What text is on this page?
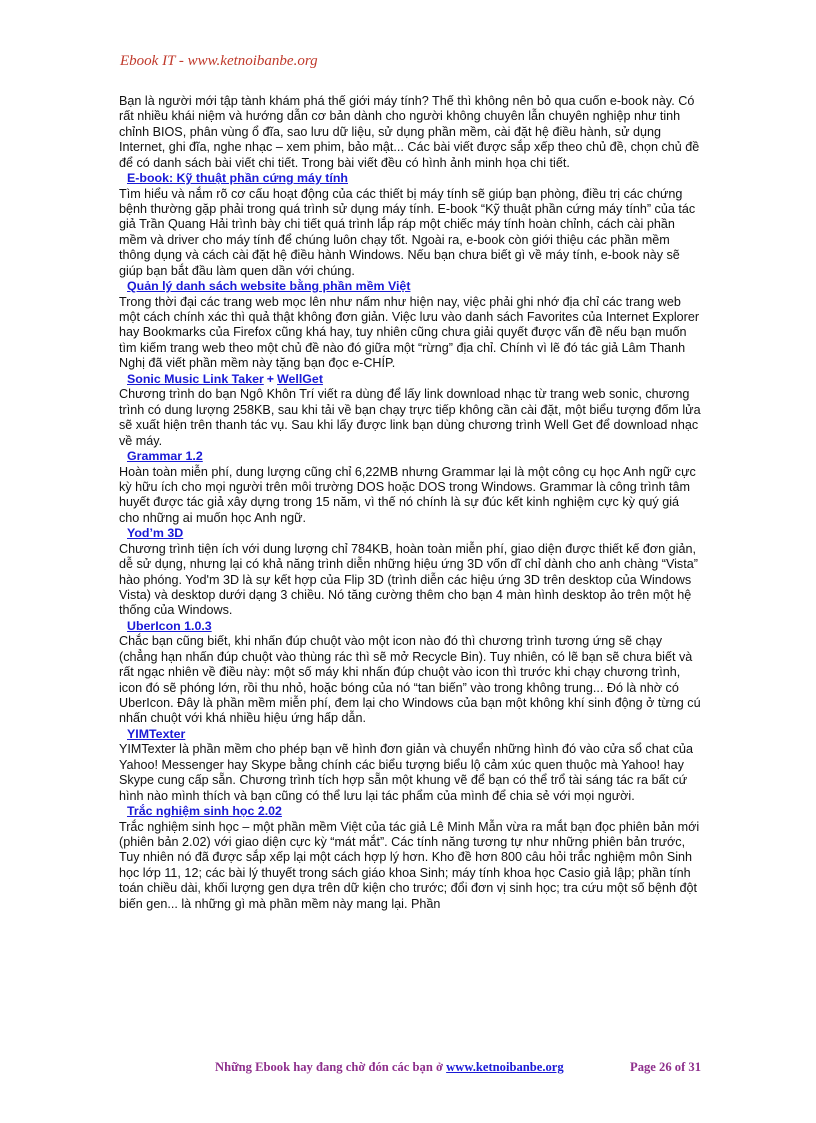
Ebook IT - www.ketnoibanbe.org

Bạn là người mới tập tành khám phá thế giới máy tính? Thế thì không nên bỏ qua cuốn e-book này. Có rất nhiều khái niệm và hướng dẫn cơ bản dành cho người không chuyên lẫn chuyên nghiệp như tinh chỉnh BIOS, phân vùng ổ đĩa, sao lưu dữ liệu, sử dụng phần mềm, cài đặt hệ điều hành, sử dụng Internet, ghi đĩa, nghe nhạc – xem phim, bảo mật... Các bài viết được sắp xếp theo chủ đề, chọn chủ đề để có danh sách bài viết chi tiết. Trong bài viết đều có hình ảnh minh họa chi tiết.

E-book: Kỹ thuật phần cứng máy tính

Tìm hiểu và nắm rõ cơ cấu hoạt động của các thiết bị máy tính sẽ giúp bạn phòng, điều trị các chứng bệnh thường gặp phải trong quá trình sử dụng máy tính. E-book “Kỹ thuật phần cứng máy tính” của tác giả Trần Quang Hải trình bày chi tiết quá trình lắp ráp một chiếc máy tính hoàn chỉnh, cách cài phần mềm và driver cho máy tính để chúng luôn chạy tốt. Ngoài ra, e-book còn giới thiệu các phần mềm thông dụng và cách cài đặt hệ điều hành Windows. Nếu bạn chưa biết gì về máy tính, e-book này sẽ giúp bạn bắt đầu làm quen dần với chúng.

Quản lý danh sách website bằng phần mềm Việt

Trong thời đại các trang web mọc lên như nấm như hiện nay, việc phải ghi nhớ địa chỉ các trang web một cách chính xác thì quả thật không đơn giản. Việc lưu vào danh sách Favorites của Internet Explorer hay Bookmarks của Firefox cũng khá hay, tuy nhiên cũng chưa giải quyết được vấn đề nếu bạn muốn tìm kiếm trang web theo một chủ đề nào đó giữa một “rừng” địa chỉ. Chính vì lẽ đó tác giả Lâm Thanh Nghị đã viết phần mềm này tặng bạn đọc e-CHÍP.

Sonic Music Link Taker + WellGet

Chương trình do bạn Ngô Khôn Trí viết ra dùng để lấy link download nhạc từ trang web sonic, chương trình có dung lượng 258KB, sau khi tải về bạn chạy trực tiếp không cần cài đặt, một biểu tượng đốm lửa sẽ xuất hiện trên thanh tác vụ. Sau khi lấy được link bạn dùng chương trình Well Get để download nhạc về máy.

Grammar 1.2

Hoàn toàn miễn phí, dung lượng cũng chỉ 6,22MB nhưng Grammar lại là một công cụ học Anh ngữ cực kỳ hữu ích cho mọi người trên môi trường DOS hoặc DOS trong Windows. Grammar là công trình tâm huyết được tác giả xây dựng trong 15 năm, vì thế nó chính là sự đúc kết kinh nghiệm cực kỳ quý giá cho những ai muốn học Anh ngữ.

Yod’m 3D

Chương trình tiện ích với dung lượng chỉ 784KB, hoàn toàn miễn phí, giao diện được thiết kế đơn giản, dễ sử dụng, nhưng lại có khả năng trình diễn những hiệu ứng 3D vốn dĩ chỉ dành cho anh chàng “Vista” hào phóng. Yod'm 3D là sự kết hợp của Flip 3D (trình diễn các hiệu ứng 3D trên desktop của Windows Vista) và desktop dưới dạng 3 chiều. Nó tăng cường thêm cho bạn 4 màn hình desktop ảo trên một hệ thống của Windows.

UberIcon 1.0.3

Chắc bạn cũng biết, khi nhấn đúp chuột vào một icon nào đó thì chương trình tương ứng sẽ chạy (chẳng hạn nhấn đúp chuột vào thùng rác thì sẽ mở Recycle Bin). Tuy nhiên, có lẽ bạn sẽ chưa biết và rất ngạc nhiên về điều này: một số máy khi nhấn đúp chuột vào icon thì trước khi chạy chương trình, icon đó sẽ phóng lớn, rồi thu nhỏ, hoặc bóng của nó “tan biến” vào trong không trung... Đó là nhờ có UberIcon. Đây là phần mềm miễn phí, đem lại cho Windows của bạn một không khí sinh động ở từng cú nhấn chuột với khá nhiều hiệu ứng hấp dẫn.

YIMTexter

YIMTexter là phần mềm cho phép bạn vẽ hình đơn giản và chuyển những hình đó vào cửa sổ chat của Yahoo! Messenger hay Skype bằng chính các biểu tượng biểu lộ cảm xúc quen thuộc mà Yahoo! hay Skype cung cấp sẵn. Chương trình tích hợp sẵn một khung vẽ để bạn có thể trổ tài sáng tác ra bất cứ hình nào mình thích và bạn cũng có thể lưu lại tác phẩm của mình để chia sẻ với mọi người.

Trắc nghiệm sinh học 2.02

Trắc nghiệm sinh học – một phần mềm Việt của tác giả Lê Minh Mẫn vừa ra mắt bạn đọc phiên bản mới (phiên bản 2.02) với giao diện cực kỳ “mát mắt”. Các tính năng tương tự như những phiên bản trước, Tuy nhiên nó đã được sắp xếp lại một cách hợp lý hơn. Kho đề hơn 800 câu hỏi trắc nghiệm môn Sinh học lớp 11, 12; các bài lý thuyết trong sách giáo khoa Sinh; máy tính khoa học Casio giả lập; phần tính toán chiều dài, khối lượng gen dựa trên dữ kiện cho trước; đổi đơn vị sinh học; tra cứu một số bệnh đột biến gen... là những gì mà phần mềm này mang lại. Phần

Những Ebook hay đang chờ đón các bạn ở www.ketnoibanbe.org	Page 26 of 31
